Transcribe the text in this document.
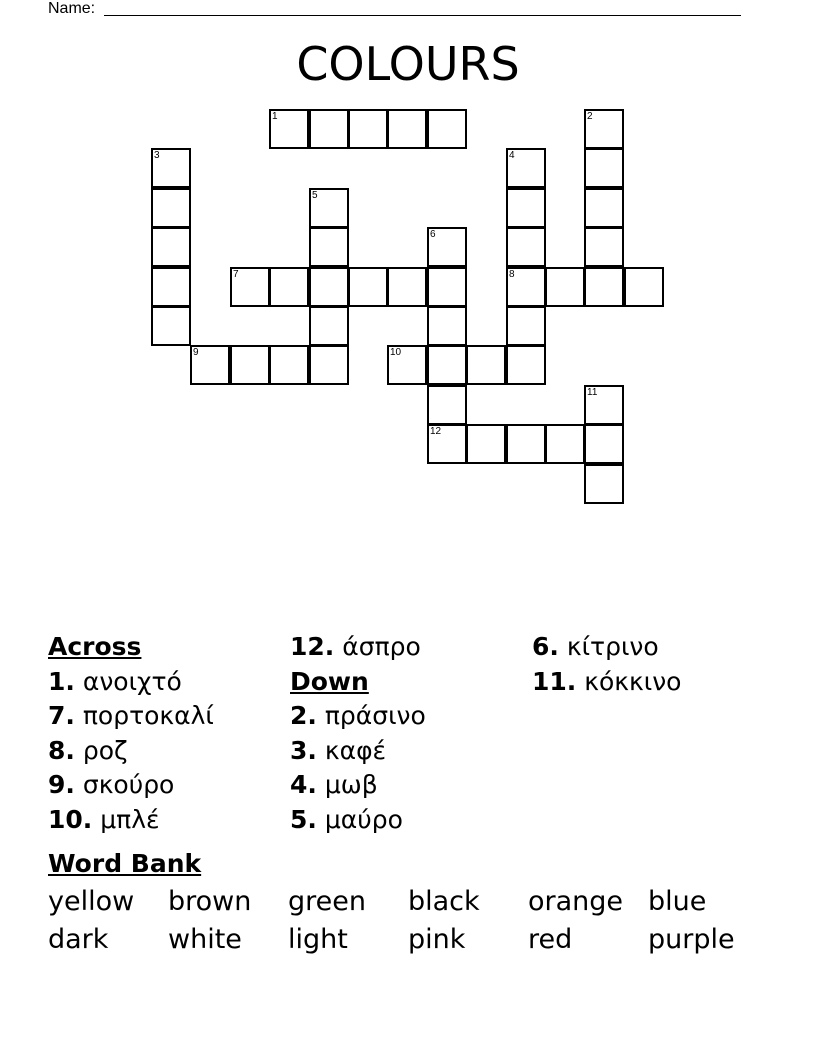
Name:
COLOURS
1
7	8
9	10
12
2
3	4
5
6
11
Across
1. ανοιχτό
7. πορτοκαλί
8. ροζ
9. σκούρο
10. μπλέ
12. άσπρο
Down
2. πράσινο
3. καφέ
4. μωβ
5. μαύρο
6. κίτρινο
11. κόκκινο
Word Bank
yellow brown green black orange blue
dark white light pink red	purple
